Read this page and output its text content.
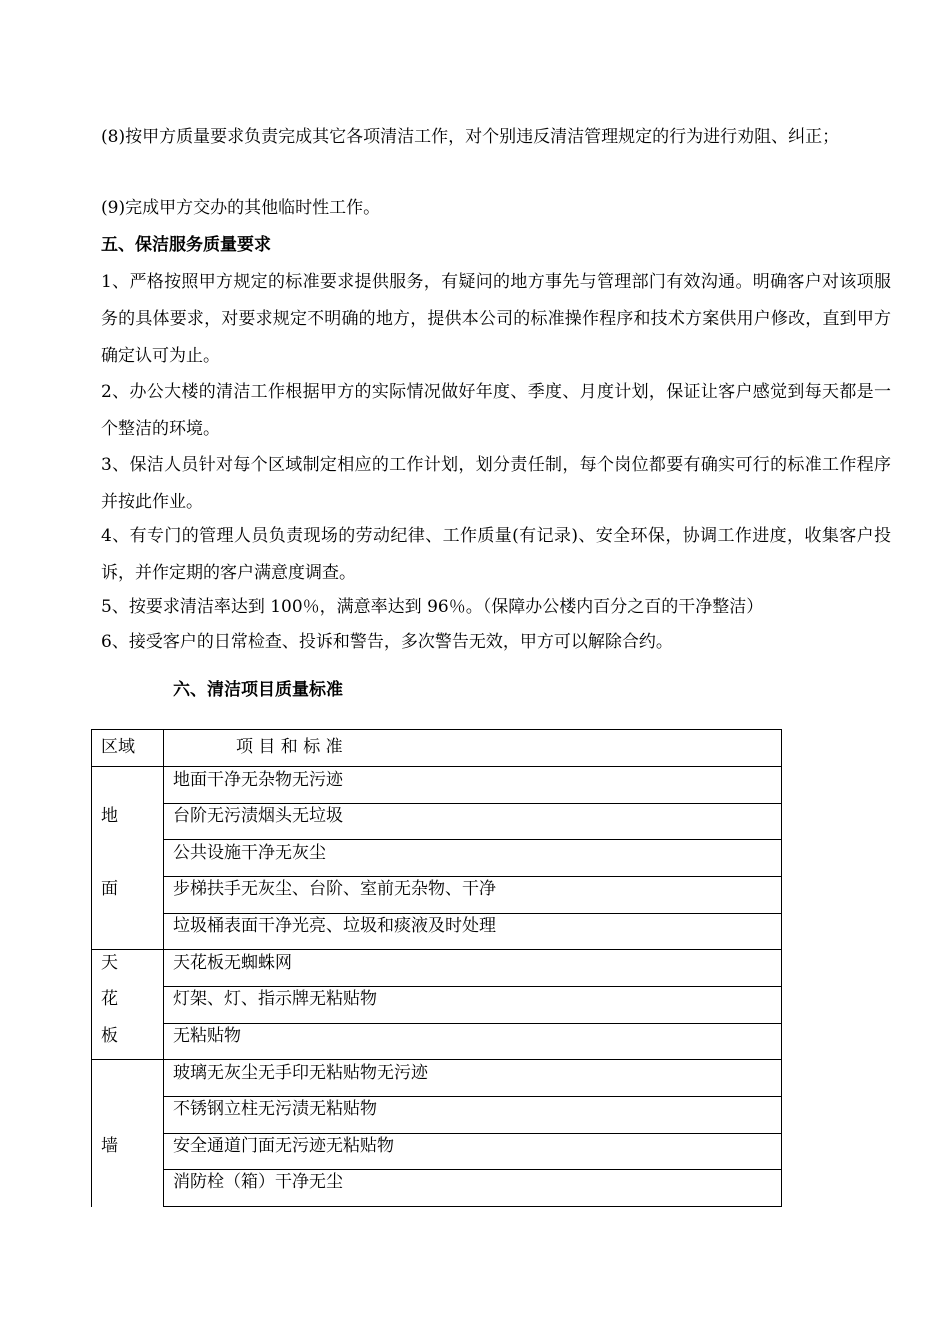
(8)按甲方质量要求负责完成其它各项清洁工作，对个别违反清洁管理规定的行为进行劝阻、纠正；

(9)完成甲方交办的其他临时性工作。

五、保洁服务质量要求

1、严格按照甲方规定的标准要求提供服务，有疑问的地方事先与管理部门有效沟通。明确客户对该项服务的具体要求，对要求规定不明确的地方，提供本公司的标准操作程序和技术方案供用户修改，直到甲方确定认可为止。

2、办公大楼的清洁工作根据甲方的实际情况做好年度、季度、月度计划，保证让客户感觉到每天都是一个整洁的环境。

3、保洁人员针对每个区域制定相应的工作计划，划分责任制，每个岗位都要有确实可行的标准工作程序并按此作业。

4、有专门的管理人员负责现场的劳动纪律、工作质量(有记录)、安全环保，协调工作进度，收集客户投诉，并作定期的客户满意度调查。

5、按要求清洁率达到 100％，满意率达到 96％。（保障办公楼内百分之百的干净整洁）

6、接受客户的日常检查、投诉和警告，多次警告无效，甲方可以解除合约。

六、清洁项目质量标准
区域	项 目 和 标 准
地
面
地面干净无杂物无污迹
台阶无污渍烟头无垃圾
公共设施干净无灰尘
步梯扶手无灰尘、台阶、室前无杂物、干净
垃圾桶表面干净光亮、垃圾和痰液及时处理
天
花
板
天花板无蜘蛛网
灯架、灯、指示牌无粘贴物
无粘贴物
墙
玻璃无灰尘无手印无粘贴物无污迹
不锈钢立柱无污渍无粘贴物
安全通道门面无污迹无粘贴物
消防栓（箱）干净无尘
